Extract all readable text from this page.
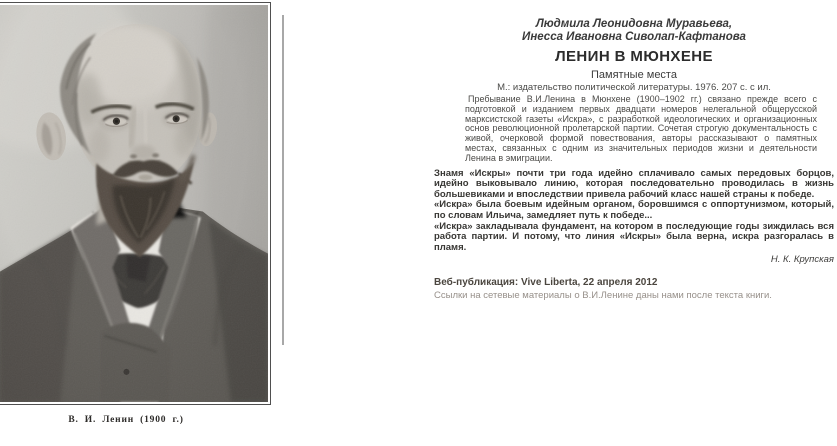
В. И. Ленин (1900 г.)
Людмила Леонидовна Муравьева,
Инесса Ивановна Сиволап-Кафтанова
ЛЕНИН В МЮНХЕНЕ
Памятные места
М.: издательство политической литературы. 1976. 207 с. с ил.
Пребывание В.И.Ленина в Мюнхене (1900–1902 гг.) связано прежде всего с подготовкой и изданием первых двадцати номеров нелегальной общерусской марксистской газеты «Искра», с разработкой идеологических и организационных основ революционной пролетарской партии. Сочетая строгую документальность с живой, очерковой формой повествования, авторы рассказывают о памятных местах, связанных с одним из значительных периодов жизни и деятельности Ленина в эмиграции.

Знамя «Искры» почти три года идейно сплачивало самых передовых борцов, идейно выковывало линию, которая последовательно проводилась в жизнь большевиками и впоследствии привела рабочий класс нашей страны к победе.

«Искра» была боевым идейным органом, боровшимся с оппортунизмом, который, по словам Ильича, замедляет путь к победе...

«Искра» закладывала фундамент, на котором в последующие годы зиждилась вся работа партии. И потому, что линия «Искры» была верна, искра разгоралась в пламя.

Н. К. Крупская
Веб-публикация: Vive Liberta, 22 апреля 2012
Ссылки на сетевые материалы о В.И.Ленине даны нами после текста книги.
